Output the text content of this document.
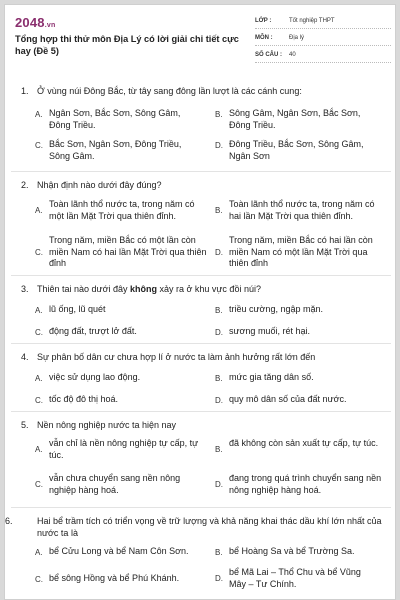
2048.vn
Tổng hợp thi thử môn Địa Lý có lời giải chi tiết cực hay (Đề 5)
LỚP :	Tốt nghiệp THPT
MÔN :	Địa lý
SỐ CÂU :	40
1. Ở vùng núi Đông Bắc, từ tây sang đông lần lượt là các cánh cung:
A. Ngân Sơn, Bắc Sơn, Sông Gâm, Đông Triều.
B. Sông Gâm, Ngân Sơn, Bắc Sơn, Đông Triều.
C. Bắc Sơn, Ngân Sơn, Đông Triều, Sông Gâm.
D. Đông Triều, Bắc Sơn, Sông Gâm, Ngân Sơn
2. Nhận định nào dưới đây đúng?
A.
Toàn lãnh thổ nước ta, trong năm có một lần Mặt Trời qua thiên đỉnh.	B.
Toàn lãnh thổ nước ta, trong năm có hai lần Mặt Trời qua thiên đỉnh.
C.
Trong năm, miền Bắc có một lần còn miền Nam có hai lần Mặt Trời qua thiên đỉnh
D.
Trong năm, miền Bắc có hai lần còn miền Nam có một lần Mặt Trời qua thiên đỉnh
3. Thiên tai nào dưới đây không xảy ra ở khu vực đồi núi?
A. lũ ống, lũ quét	B. triều cường, ngập mặn.
C. động đất, trượt lở đất.	D. sương muối, rét hại.
4. Sự phân bố dân cư chưa hợp lí ở nước ta làm ảnh hưởng rất lớn đến
A. việc sử dụng lao động.	B. mức gia tăng dân số.
C. tốc độ đô thị hoá.	D. quy mô dân số của đất nước.
5. Nền nông nghiệp nước ta hiện nay
A.
vẫn chỉ là nền nông nghiệp tự cấp, tự túc.	B.
đã không còn sản xuất tự cấp, tự túc.
C.
vẫn chưa chuyển sang nền nông nghiệp hàng hoá.	D.
đang trong quá trình chuyển sang nền nông nghiệp hàng hoá.
6.	Hai bể trầm tích có triển vọng về trữ lượng và khả năng khai thác dầu khí lớn nhất của nước ta là
A. bể Cửu Long và bể Nam Côn Sơn.	B. bể Hoàng Sa và bể Trường Sa.
C. bể sông Hồng và bể Phú Khánh.	D.
bể Mã Lai – Thổ Chu và bể Vũng Mây – Tư Chính.
